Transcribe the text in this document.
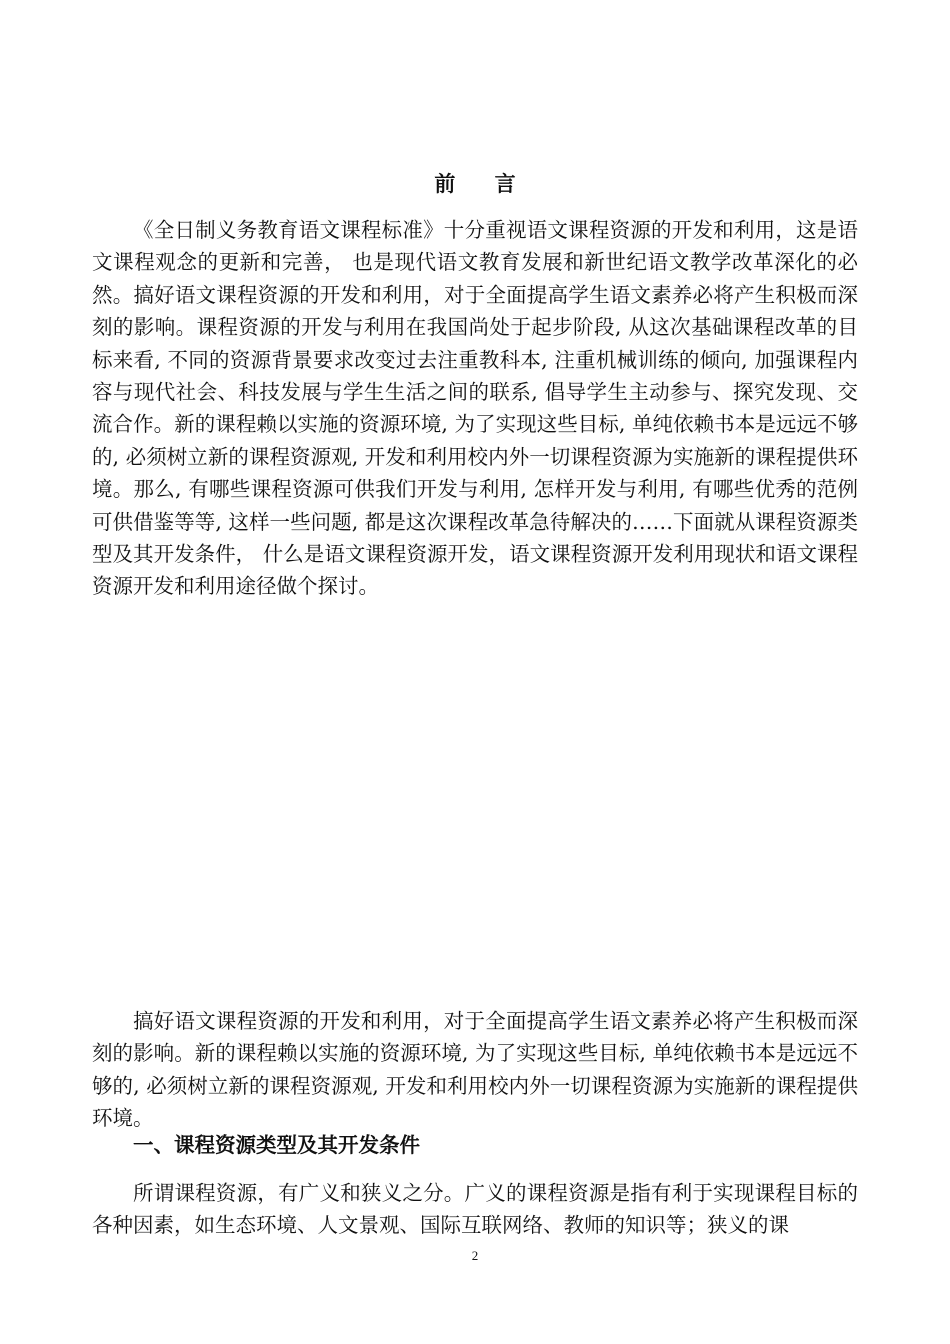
前 言

《全日制义务教育语文课程标准》十分重视语文课程资源的开发和利用，这是语文课程观念的更新和完善， 也是现代语文教育发展和新世纪语文教学改革深化的必然。搞好语文课程资源的开发和利用，对于全面提高学生语文素养必将产生积极而深刻的影响。课程资源的开发与利用在我国尚处于起步阶段, 从这次基础课程改革的目标来看, 不同的资源背景要求改变过去注重教科本, 注重机械训练的倾向, 加强课程内容与现代社会、科技发展与学生生活之间的联系, 倡导学生主动参与、探究发现、交流合作。新的课程赖以实施的资源环境, 为了实现这些目标, 单纯依赖书本是远远不够的, 必须树立新的课程资源观, 开发和利用校内外一切课程资源为实施新的课程提供环境。那么, 有哪些课程资源可供我们开发与利用, 怎样开发与利用, 有哪些优秀的范例可供借鉴等等, 这样一些问题, 都是这次课程改革急待解决的……下面就从课程资源类型及其开发条件， 什么是语文课程资源开发，语文课程资源开发利用现状和语文课程资源开发和利用途径做个探讨。

搞好语文课程资源的开发和利用，对于全面提高学生语文素养必将产生积极而深刻的影响。新的课程赖以实施的资源环境, 为了实现这些目标, 单纯依赖书本是远远不够的, 必须树立新的课程资源观, 开发和利用校内外一切课程资源为实施新的课程提供环境。

一、课程资源类型及其开发条件

所谓课程资源，有广义和狭义之分。广义的课程资源是指有利于实现课程目标的各种因素，如生态环境、人文景观、国际互联网络、教师的知识等；狭义的课

2
